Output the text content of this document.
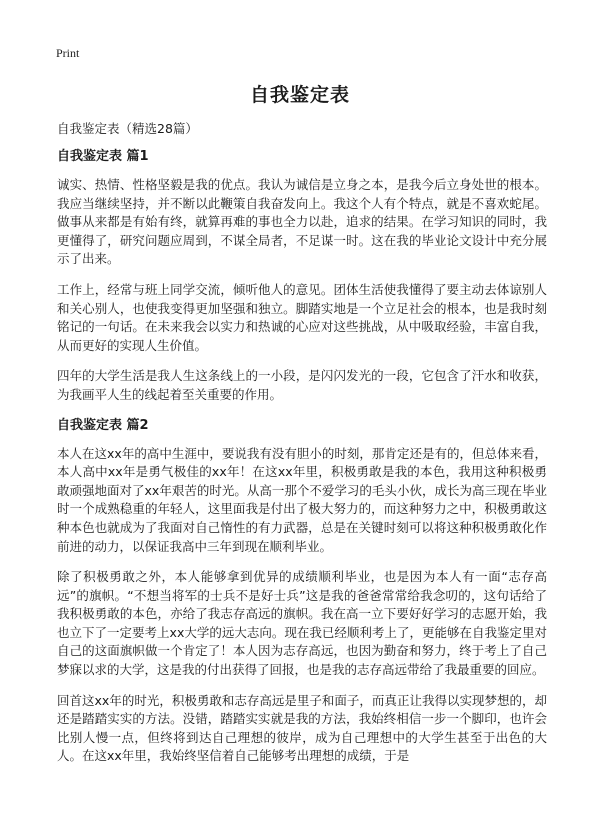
Print
自我鉴定表

自我鉴定表（精选28篇）

自我鉴定表 篇1

诚实、热情、性格坚毅是我的优点。我认为诚信是立身之本，是我今后立身处世的根本。我应当继续坚持，并不断以此鞭策自我奋发向上。我这个人有个特点，就是不喜欢蛇尾。做事从来都是有始有终，就算再难的事也全力以赴，追求的结果。在学习知识的同时，我更懂得了，研究问题应周到，不谋全局者，不足谋一时。这在我的毕业论文设计中充分展示了出来。

工作上，经常与班上同学交流，倾听他人的意见。团体生活使我懂得了要主动去体谅别人和关心别人，也使我变得更加坚强和独立。脚踏实地是一个立足社会的根本，也是我时刻铭记的一句话。在未来我会以实力和热诚的心应对这些挑战，从中吸取经验，丰富自我，从而更好的实现人生价值。

四年的大学生活是我人生这条线上的一小段，是闪闪发光的一段，它包含了汗水和收获，为我画平人生的线起着至关重要的作用。

自我鉴定表 篇2

本人在这xx年的高中生涯中，要说我有没有胆小的时刻，那肯定还是有的，但总体来看，本人高中xx年是勇气极佳的xx年！在这xx年里，积极勇敢是我的本色，我用这种积极勇敢顽强地面对了xx年艰苦的时光。从高一那个不爱学习的毛头小伙，成长为高三现在毕业时一个成熟稳重的年轻人，这里面我是付出了极大努力的，而这种努力之中，积极勇敢这种本色也就成为了我面对自己惰性的有力武器，总是在关键时刻可以将这种积极勇敢化作前进的动力，以保证我高中三年到现在顺利毕业。

除了积极勇敢之外，本人能够拿到优异的成绩顺利毕业，也是因为本人有一面“志存高远”的旗帜。“不想当将军的士兵不是好士兵”这是我的爸爸常常给我念叨的，这句话给了我积极勇敢的本色，亦给了我志存高远的旗帜。我在高一立下要好好学习的志愿开始，我也立下了一定要考上xx大学的远大志向。现在我已经顺利考上了，更能够在自我鉴定里对自己的这面旗帜做一个肯定了！本人因为志存高远，也因为勤奋和努力，终于考上了自己梦寐以求的大学，这是我的付出获得了回报，也是我的志存高远带给了我最重要的回应。

回首这xx年的时光，积极勇敢和志存高远是里子和面子，而真正让我得以实现梦想的，却还是踏踏实实的方法。没错，踏踏实实就是我的方法，我始终相信一步一个脚印，也许会比别人慢一点，但终将到达自己理想的彼岸，成为自己理想中的大学生甚至于出色的大人。在这xx年里，我始终坚信着自己能够考出理想的成绩，于是
